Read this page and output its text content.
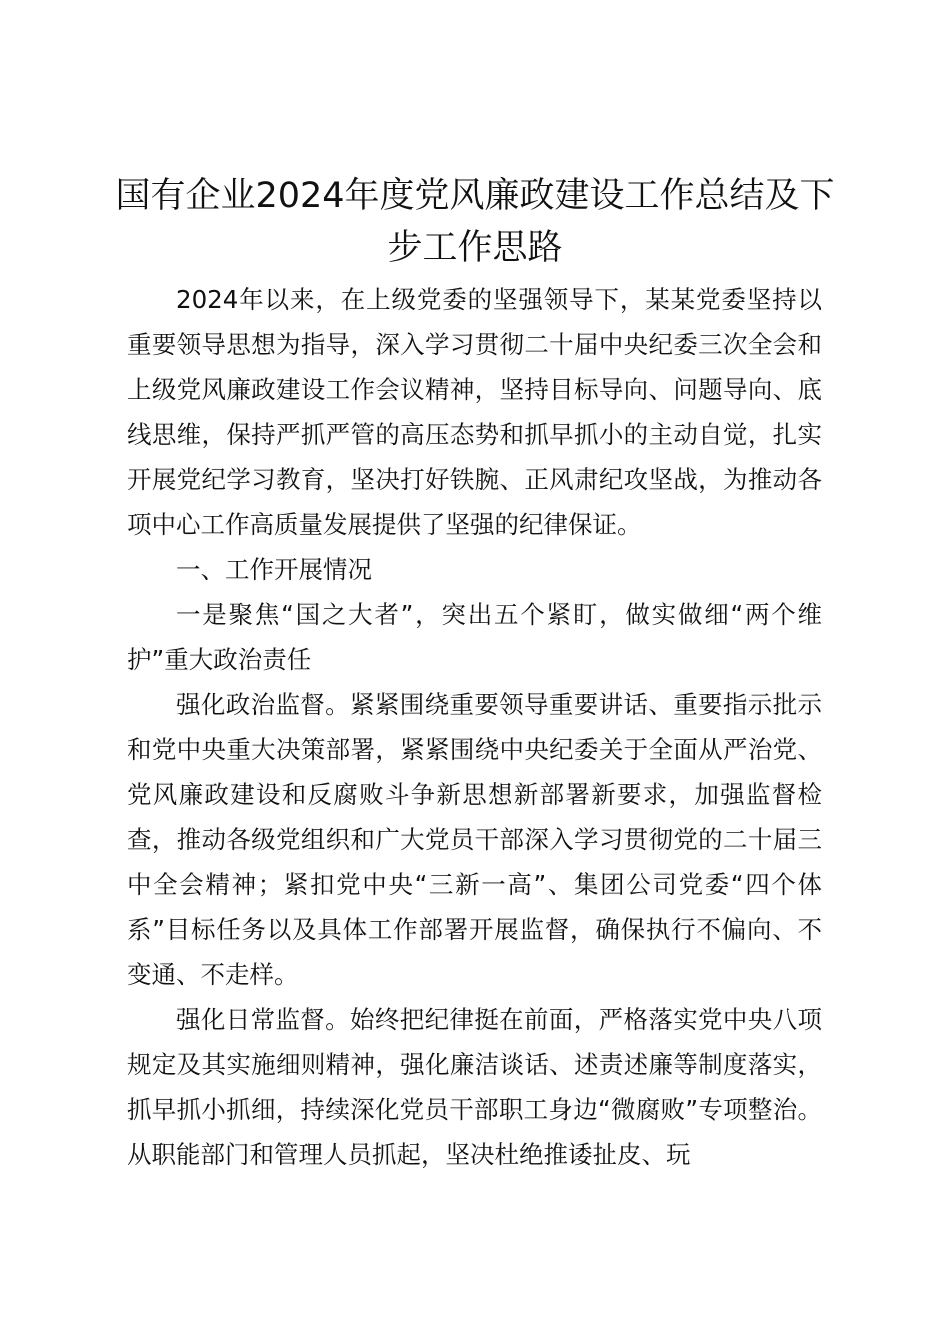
国有企业2024年度党风廉政建设工作总结及下步工作思路

2024年以来，在上级党委的坚强领导下，某某党委坚持以重要领导思想为指导，深入学习贯彻二十届中央纪委三次全会和上级党风廉政建设工作会议精神，坚持目标导向、问题导向、底线思维，保持严抓严管的高压态势和抓早抓小的主动自觉，扎实开展党纪学习教育，坚决打好铁腕、正风肃纪攻坚战，为推动各项中心工作高质量发展提供了坚强的纪律保证。

一、工作开展情况

一是聚焦“国之大者”，突出五个紧盯，做实做细“两个维护”重大政治责任

强化政治监督。紧紧围绕重要领导重要讲话、重要指示批示和党中央重大决策部署，紧紧围绕中央纪委关于全面从严治党、党风廉政建设和反腐败斗争新思想新部署新要求，加强监督检查，推动各级党组织和广大党员干部深入学习贯彻党的二十届三中全会精神；紧扣党中央“三新一高”、集团公司党委“四个体系”目标任务以及具体工作部署开展监督，确保执行不偏向、不变通、不走样。

强化日常监督。始终把纪律挺在前面，严格落实党中央八项规定及其实施细则精神，强化廉洁谈话、述责述廉等制度落实，抓早抓小抓细，持续深化党员干部职工身边“微腐败”专项整治。从职能部门和管理人员抓起，坚决杜绝推诿扯皮、玩
